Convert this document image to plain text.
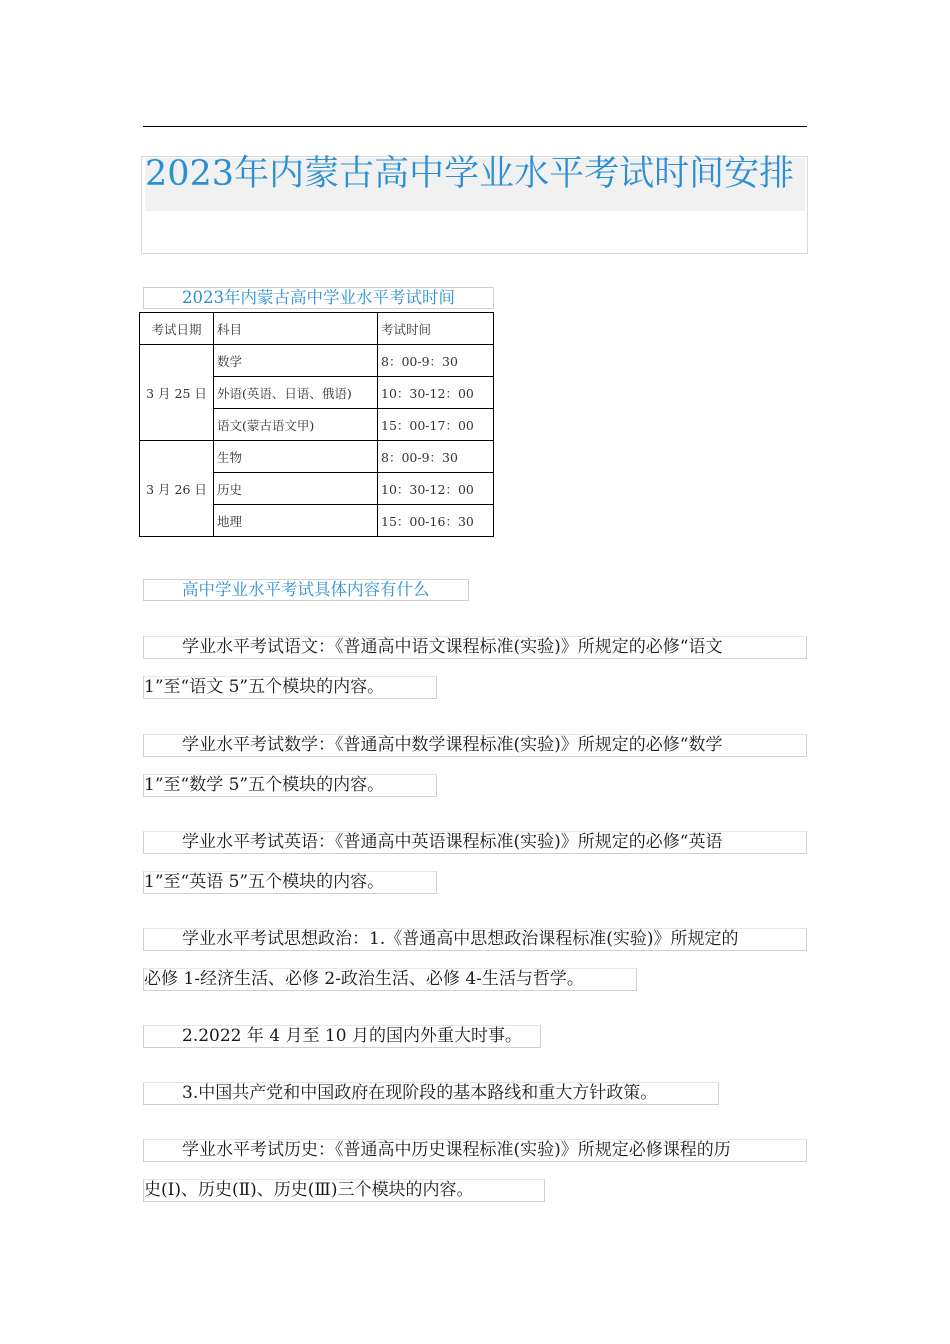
2023年内蒙古高中学业水平考试时间安排
2023年内蒙古高中学业水平考试时间
考试日期	科目	考试时间
3 月 25 日	数学	8：00-9：30
	外语(英语、日语、俄语)	10：30-12：00
	语文(蒙古语文甲)	15：00-17：00
3 月 26 日	生物	8：00-9：30
	历史	10：30-12：00
	地理	15：00-16：30
高中学业水平考试具体内容有什么
学业水平考试语文：《普通高中语文课程标准(实验)》所规定的必修“语文
1”至“语文 5”五个模块的内容。
学业水平考试数学：《普通高中数学课程标准(实验)》所规定的必修“数学
1”至“数学 5”五个模块的内容。
学业水平考试英语：《普通高中英语课程标准(实验)》所规定的必修“英语
1”至“英语 5”五个模块的内容。
学业水平考试思想政治：1.《普通高中思想政治课程标准(实验)》所规定的
必修 1-经济生活、必修 2-政治生活、必修 4-生活与哲学。
2.2022 年 4 月至 10 月的国内外重大时事。
3.中国共产党和中国政府在现阶段的基本路线和重大方针政策。
学业水平考试历史：《普通高中历史课程标准(实验)》所规定必修课程的历
史(Ⅰ)、历史(Ⅱ)、历史(Ⅲ)三个模块的内容。
